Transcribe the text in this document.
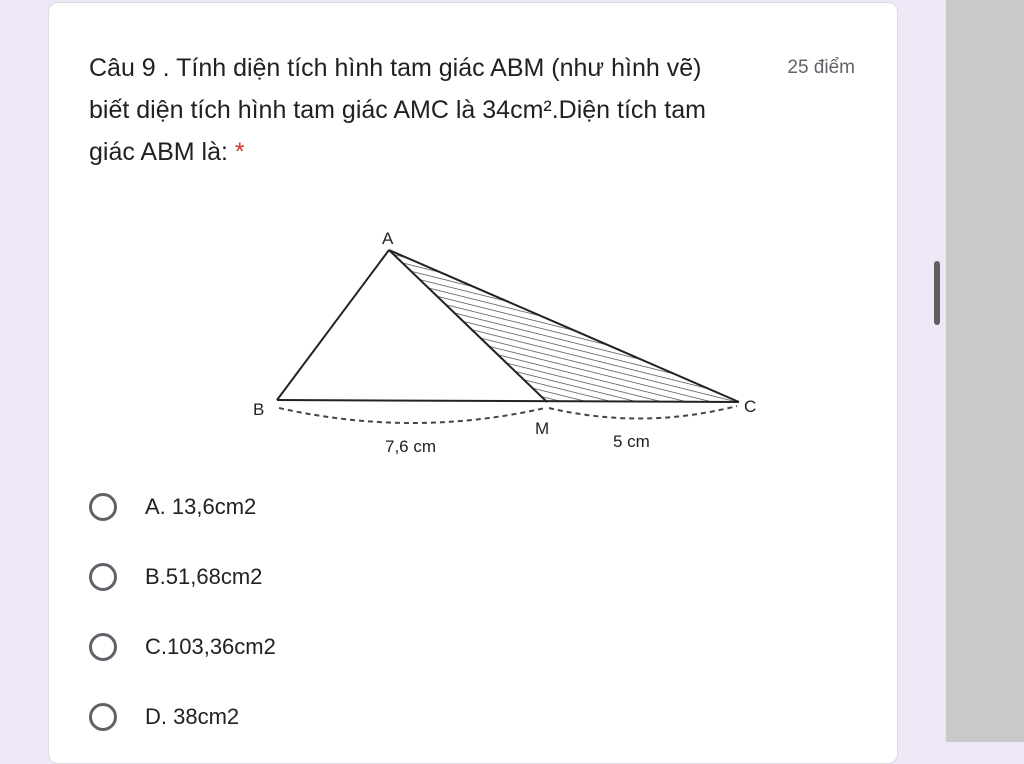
Câu 9 . Tính diện tích hình tam giác ABM (như hình vẽ) biết diện tích hình tam giác AMC là 34cm².Diện tích tam giác ABM là: *
25 điểm
A
B	C
M
7,6 cm	5 cm
A. 13,6cm2
B.51,68cm2
C.103,36cm2
D. 38cm2
